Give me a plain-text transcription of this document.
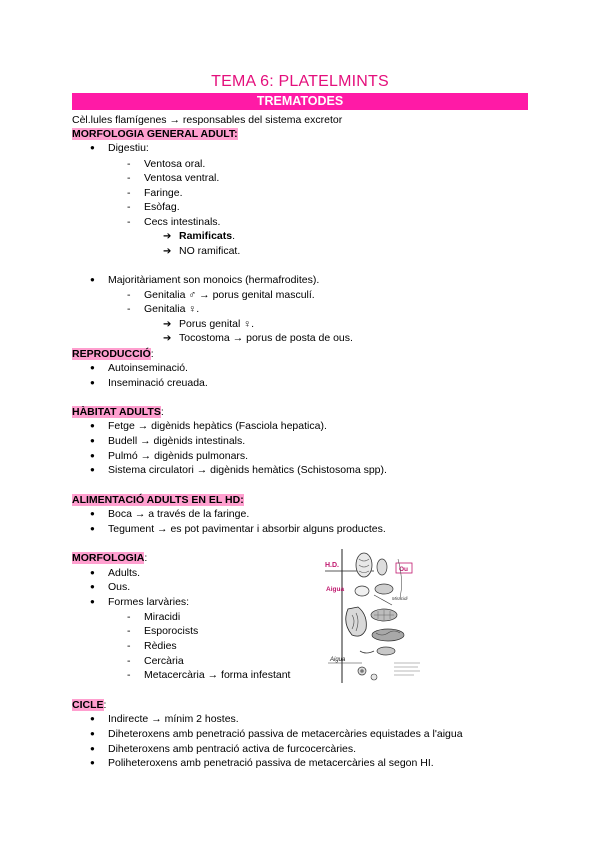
TEMA 6: PLATELMINTS
TREMATODES
Cèl.lules flamígenes → responsables del sistema excretor
MORFOLOGIA GENERAL ADULT:
● Digestiu:
- Ventosa oral.
- Ventosa ventral.
- Faringe.
- Esòfag.
- Cecs intestinals.
➔ Ramificats.
➔ NO ramificat.
● Majoritàriament son monoics (hermafrodites).
- Genitalia ♂ → porus genital masculí.
- Genitalia ♀.
➔ Porus genital ♀.
➔ Tocostoma → porus de posta de ous.
REPRODUCCIÓ:
● Autoinseminació.
● Inseminació creuada.
HÀBITAT ADULTS:
● Fetge → digènids hepàtics (Fasciola hepatica).
● Budell → digènids intestinals.
● Pulmó → digènids pulmonars.
● Sistema circulatori → digènids hemàtics (Schistosoma spp).
ALIMENTACIÓ ADULTS EN EL HD:
● Boca → a través de la faringe.
● Tegument → es pot pavimentar i absorbir alguns productes.
MORFOLOGIA:
● Adults.
● Ous.
● Formes larvàries:
- Miracidi
- Esporocists
- Rèdies
- Cercària
- Metacercària → forma infestant
H.D.
Ou
Aigua
Miracidi
Aigua
CICLE:
● Indirecte → mínim 2 hostes.
● Diheteroxens amb penetració passiva de metacercàries equistades a l'aigua
● Diheteroxens amb pentració activa de furcocercàries.
● Poliheteroxens amb penetració passiva de metacercàries al segon HI.
